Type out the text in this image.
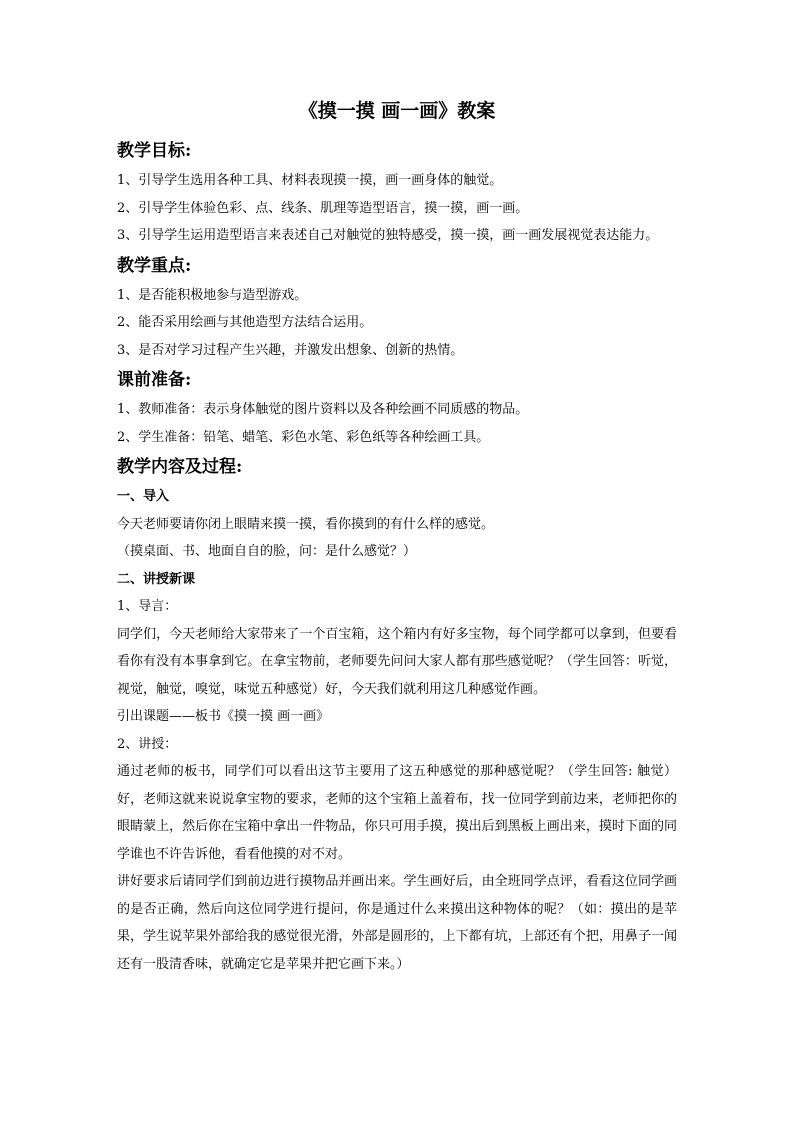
《摸一摸 画一画》教案

教学目标:

1、引导学生选用各种工具、材料表现摸一摸，画一画身体的触觉。

2、引导学生体验色彩、点、线条、肌理等造型语言，摸一摸，画一画。

3、引导学生运用造型语言来表述自己对触觉的独特感受，摸一摸，画一画发展视觉表达能力。

教学重点:

1、是否能积极地参与造型游戏。

2、能否采用绘画与其他造型方法结合运用。

3、是否对学习过程产生兴趣，并激发出想象、创新的热情。

课前准备:

1、教师准备：表示身体触觉的图片资料以及各种绘画不同质感的物品。

2、学生准备：铅笔、蜡笔、彩色水笔、彩色纸等各种绘画工具。

教学内容及过程:

一、导入

今天老师要请你闭上眼睛来摸一摸，看你摸到的有什么样的感觉。

（摸桌面、书、地面自自的脸，问：是什么感觉？）

二、讲授新课

1、导言：

同学们，今天老师给大家带来了一个百宝箱，这个箱内有好多宝物，每个同学都可以拿到，但要看看你有没有本事拿到它。在拿宝物前，老师要先问问大家人都有那些感觉呢？（学生回答：听觉，视觉，触觉，嗅觉，味觉五种感觉）好，今天我们就利用这几种感觉作画。

引出课题——板书《摸一摸 画一画》

2、讲授：

通过老师的板书，同学们可以看出这节主要用了这五种感觉的那种感觉呢？（学生回答: 触觉）好，老师这就来说说拿宝物的要求，老师的这个宝箱上盖着布，找一位同学到前边来，老师把你的眼睛蒙上，然后你在宝箱中拿出一件物品，你只可用手摸，摸出后到黑板上画出来，摸时下面的同学谁也不许告诉他，看看他摸的对不对。

讲好要求后请同学们到前边进行摸物品并画出来。学生画好后，由全班同学点评，看看这位同学画的是否正确，然后向这位同学进行提问，你是通过什么来摸出这种物体的呢？（如：摸出的是苹果，学生说苹果外部给我的感觉很光滑，外部是圆形的，上下都有坑，上部还有个把，用鼻子一闻还有一股清香味，就确定它是苹果并把它画下来。）
